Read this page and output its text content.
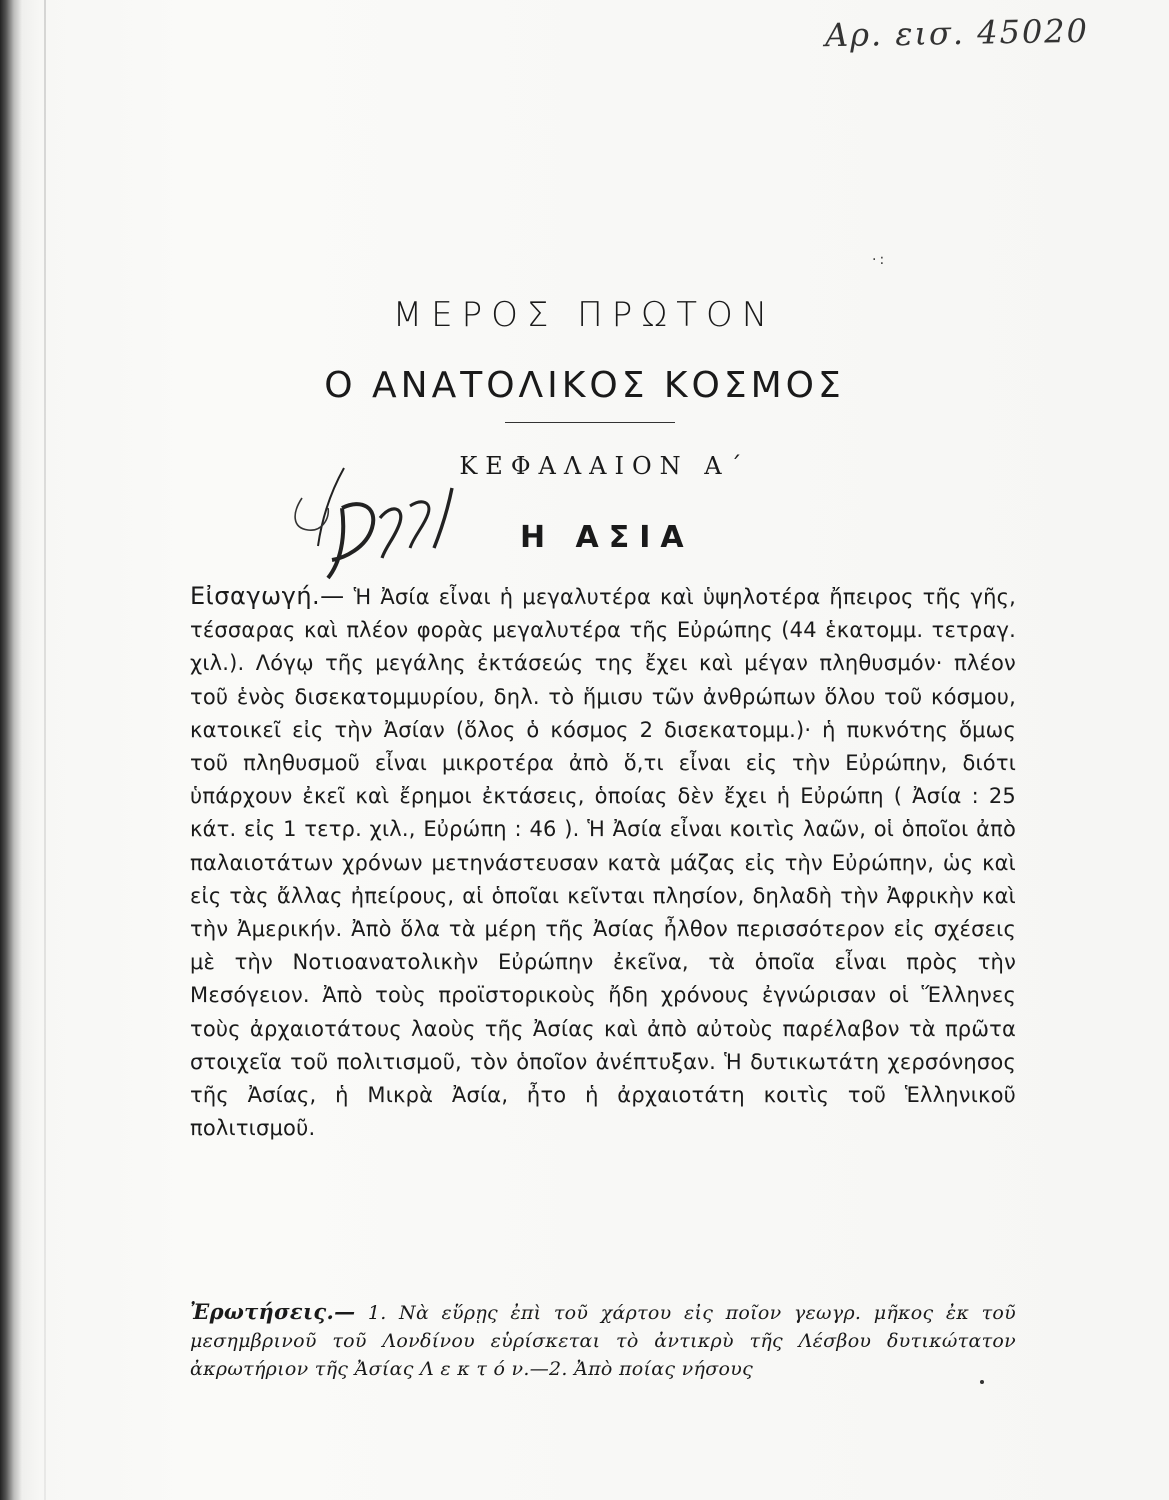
Αρ. εισ. 45020
·:
ΜΕΡΟΣ ΠΡΩΤΟΝ
Ο ΑΝΑΤΟΛΙΚΟΣ ΚΟΣΜΟΣ
ΚΕΦΑΛΑΙΟΝ Α΄
Η ΑΣΙΑ
Εἰσαγωγή.— Ἡ Ἀσία εἶναι ἡ μεγαλυτέρα καὶ ὑψηλοτέρα ἤπειρος τῆς γῆς, τέσσαρας καὶ πλέον φορὰς μεγαλυτέρα τῆς Εὐρώπης (44 ἑκατομμ. τετραγ. χιλ.). Λόγῳ τῆς μεγάλης ἐκτάσεώς της ἔχει καὶ μέγαν πληθυσμόν· πλέον τοῦ ἑνὸς δισεκατομμυρίου, δηλ. τὸ ἥμισυ τῶν ἀνθρώπων ὅλου τοῦ κόσμου, κατοικεῖ εἰς τὴν Ἀσίαν (ὅλος ὁ κόσμος 2 δισεκατομμ.)· ἡ πυκνότης ὅμως τοῦ πληθυσμοῦ εἶναι μικροτέρα ἀπὸ ὅ,τι εἶναι εἰς τὴν Εὐρώπην, διότι ὑπάρχουν ἐκεῖ καὶ ἔρημοι ἐκτάσεις, ὁποίας δὲν ἔχει ἡ Εὐρώπη ( Ἀσία : 25 κάτ. εἰς 1 τετρ. χιλ., Εὐρώπη : 46 ). Ἡ Ἀσία εἶναι κοιτὶς λαῶν, οἱ ὁποῖοι ἀπὸ παλαιοτάτων χρόνων μετηνάστευσαν κατὰ μάζας εἰς τὴν Εὐρώπην, ὡς καὶ εἰς τὰς ἄλλας ἠπείρους, αἱ ὁποῖαι κεῖνται πλησίον, δηλαδὴ τὴν Ἀφρικὴν καὶ τὴν Ἀμερικήν. Ἀπὸ ὅλα τὰ μέρη τῆς Ἀσίας ἦλθον περισσότερον εἰς σχέσεις μὲ τὴν Νοτιοανατολικὴν Εὐρώπην ἐκεῖνα, τὰ ὁποῖα εἶναι πρὸς τὴν Μεσόγειον. Ἀπὸ τοὺς προϊστορικοὺς ἤδη χρόνους ἐγνώρισαν οἱ Ἕλληνες τοὺς ἀρχαιοτάτους λαοὺς τῆς Ἀσίας καὶ ἀπὸ αὐτοὺς παρέλαβον τὰ πρῶτα στοιχεῖα τοῦ πολιτισμοῦ, τὸν ὁποῖον ἀνέπτυξαν. Ἡ δυτικωτάτη χερσόνησος τῆς Ἀσίας, ἡ Μικρὰ Ἀσία, ἦτο ἡ ἀρχαιοτάτη κοιτὶς τοῦ Ἑλληνικοῦ πολιτισμοῦ.
Ἐρωτήσεις.— 1. Νὰ εὕρῃς ἐπὶ τοῦ χάρτου εἰς ποῖον γεωγρ. μῆκος ἐκ τοῦ μεσημβρινοῦ τοῦ Λονδίνου εὑρίσκεται τὸ ἀντικρὺ τῆς Λέσβου δυτικώτατον ἀκρωτήριον τῆς Ἀσίας Λ ε κ τ ό ν.—2. Ἀπὸ ποίας νήσους
